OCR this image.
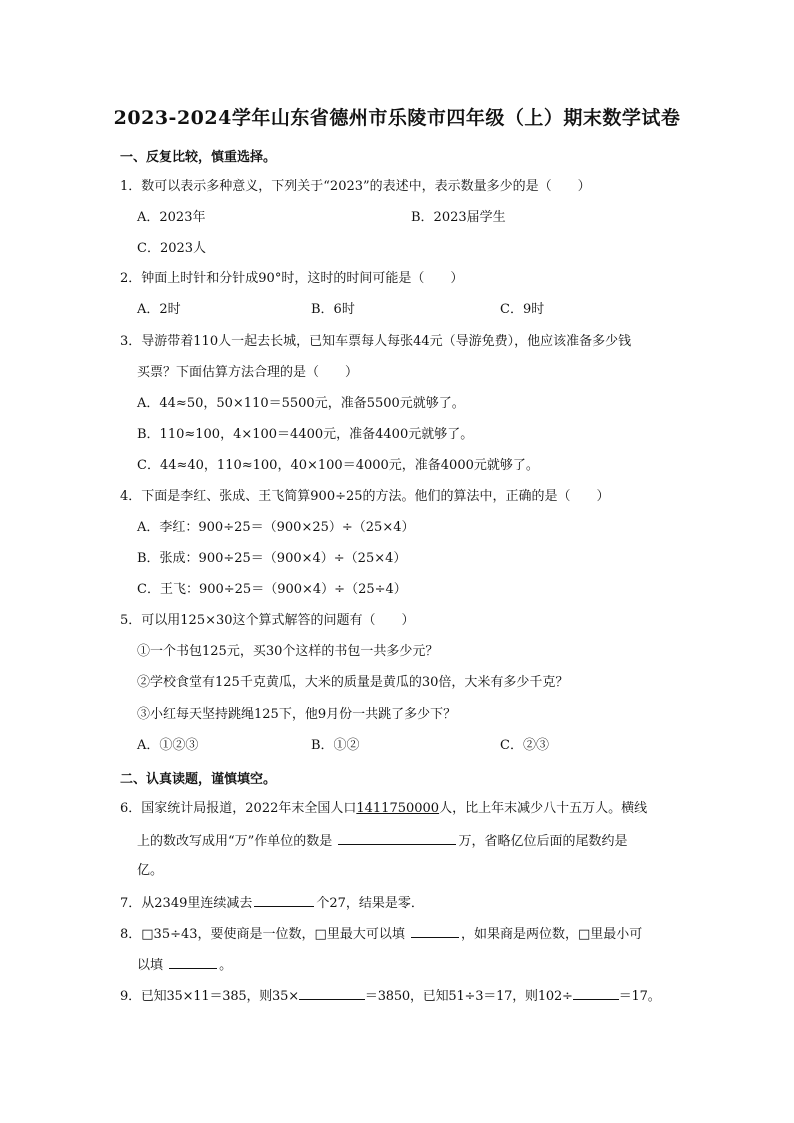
2023-2024学年山东省德州市乐陵市四年级（上）期末数学试卷
一、反复比较，慎重选择。
1．数可以表示多种意义，下列关于“2023”的表述中，表示数量多少的是（　　）
A．2023年	B．2023届学生
C．2023人
2．钟面上时针和分针成90°时，这时的时间可能是（　　）
A．2时	B．6时	C．9时
3．导游带着110人一起去长城，已知车票每人每张44元（导游免费），他应该准备多少钱
买票？下面估算方法合理的是（　　）
A．44≈50，50×110＝5500元，准备5500元就够了。
B．110≈100，4×100＝4400元，准备4400元就够了。
C．44≈40，110≈100，40×100＝4000元，准备4000元就够了。
4．下面是李红、张成、王飞简算900÷25的方法。他们的算法中，正确的是（　　）
A．李红：900÷25＝（900×25）÷（25×4）
B．张成：900÷25＝（900×4）÷（25×4）
C．王飞：900÷25＝（900×4）÷（25÷4）
5．可以用125×30这个算式解答的问题有（　　）
①一个书包125元，买30个这样的书包一共多少元？
②学校食堂有125千克黄瓜，大米的质量是黄瓜的30倍，大米有多少千克？
③小红每天坚持跳绳125下，他9月份一共跳了多少下？
A．①②③	B．①②	C．②③
二、认真读题，谨慎填空。
6．国家统计局报道，2022年末全国人口1411750000人，比上年末减少八十五万人。横线
上的数改写成用“万”作单位的数是	万，省略亿位后面的尾数约是
亿。
7．从2349里连续减去	个27，结果是零．
8．□35÷43，要使商是一位数，□里最大可以填	，如果商是两位数，□里最小可
以填	。
9．已知35×11＝385，则35×	＝3850，已知51÷3＝17，则102÷	＝17。
